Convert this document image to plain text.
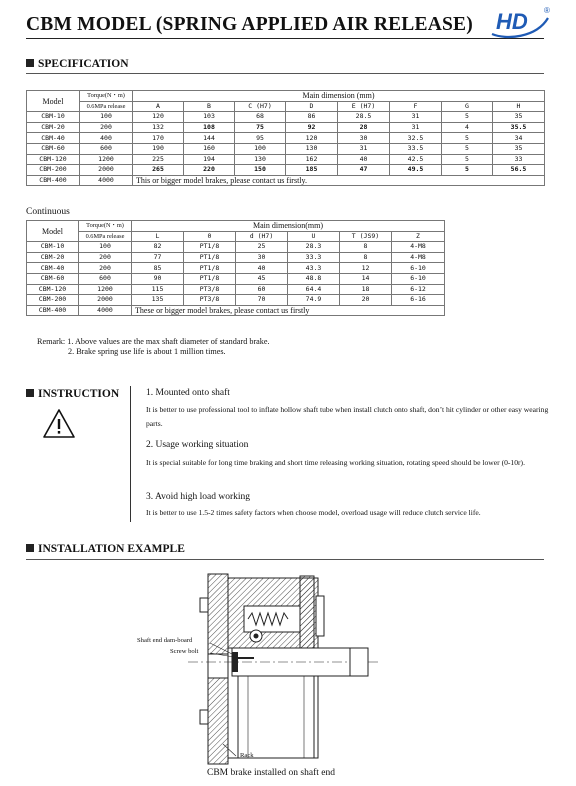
CBM MODEL (SPRING APPLIED AIR RELEASE) HD ®
SPECIFICATION
Model	Torque(N・m)	Main dimension (mm)							
	0.6MPa release	A	B	C (H7)	D	E (H7)	F	G	H
CBM-10	100	120	103	68	86	28.5	31	5	35
CBM-20	200	132	108	75	92	28	31	4	35.5
CBM-40	400	170	144	95	120	30	32.5	5	34
CBM-60	600	190	160	100	130	31	33.5	5	35
CBM-120	1200	225	194	130	162	40	42.5	5	33
CBM-200	2000	265	220	150	185	47	49.5	5	56.5
CBM-400	4000	This or bigger model brakes, please contact us firstly.							
Continuous
Model	Torque(N・m)	Main dimension(mm)					
	0.6MPa release	L	0	d (H7)	U	T (JS9)	Z
CBM-10	100	82	PT1/8	25	28.3	8	4-M8
CBM-20	200	77	PT1/8	30	33.3	8	4-M8
CBM-40	200	85	PT1/8	40	43.3	12	6-10
CBM-60	600	90	PT1/8	45	48.8	14	6-10
CBM-120	1200	115	PT3/8	60	64.4	18	6-12
CBM-200	2000	135	PT3/8	70	74.9	20	6-16
CBM-400	4000	These or bigger model brakes, please contact us firstly					
Remark: 1. Above values are the max shaft diameter of standard brake.
2. Brake spring use life is about 1 million times.
INSTRUCTION	1. Mounted onto shaft
It is better to use professional tool to inflate hollow shaft tube when install clutch onto shaft, don’t hit cylinder or other easy wearing parts.
2. Usage working situation
It is special suitable for long time braking and short time releasing working situation, rotating speed should be lower (0-10r).
3. Avoid high load working
It is better to use 1.5-2 times safety factors when choose model, overload usage will reduce clutch service life.
INSTALLATION EXAMPLE
Shaft end dam-board
Screw bolt
Rack
CBM brake installed on shaft end
